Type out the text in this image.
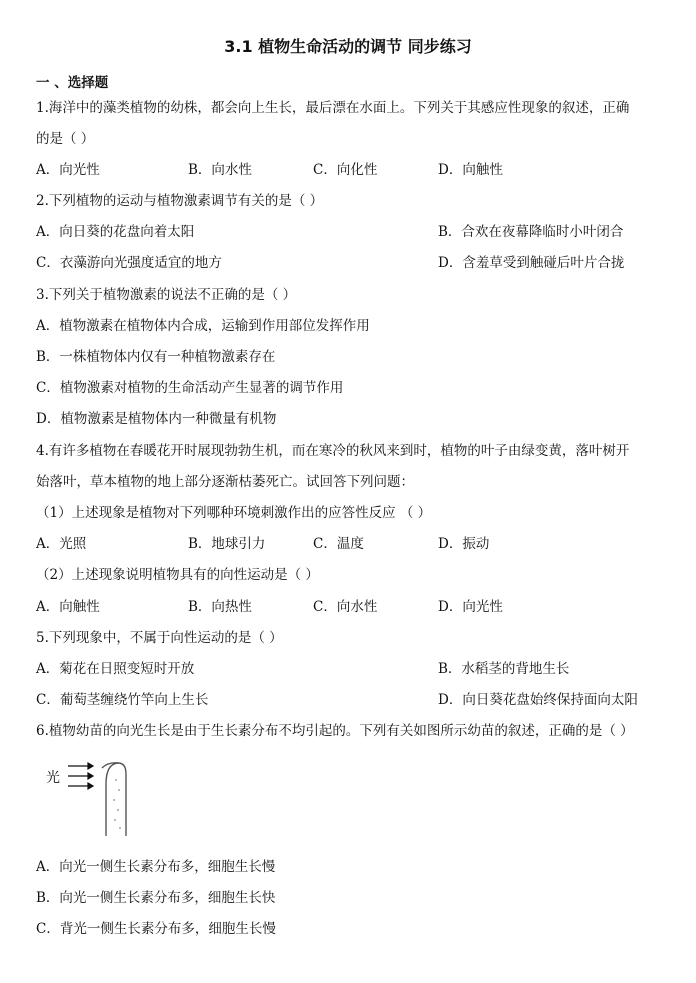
3.1 植物生命活动的调节 同步练习
一 、选择题
1.海洋中的藻类植物的幼株，都会向上生长，最后漂在水面上。下列关于其感应性现象的叙述，正确
的是（ ）
A．向光性	B．向水性	C．向化性	D．向触性
2.下列植物的运动与植物激素调节有关的是（ ）
A．向日葵的花盘向着太阳	B．合欢在夜幕降临时小叶闭合
C．衣藻游向光强度适宜的地方	D．含羞草受到触碰后叶片合拢
3.下列关于植物激素的说法不正确的是（ ）
A．植物激素在植物体内合成，运输到作用部位发挥作用
B．一株植物体内仅有一种植物激素存在
C．植物激素对植物的生命活动产生显著的调节作用
D．植物激素是植物体内一种微量有机物
4.有许多植物在春暖花开时展现勃勃生机，而在寒冷的秋风来到时，植物的叶子由绿变黄，落叶树开
始落叶，草本植物的地上部分逐渐枯萎死亡。试回答下列问题：
（1）上述现象是植物对下列哪种环境刺激作出的应答性反应 （ ）
A．光照	B．地球引力	C．温度	D．振动
（2）上述现象说明植物具有的向性运动是（ ）
A．向触性	B．向热性	C．向水性	D．向光性
5.下列现象中，不属于向性运动的是（ ）
A．菊花在日照变短时开放	B．水稻茎的背地生长
C．葡萄茎缠绕竹竿向上生长	D．向日葵花盘始终保持面向太阳
6.植物幼苗的向光生长是由于生长素分布不均引起的。下列有关如图所示幼苗的叙述，正确的是（ ）
光
A．向光一侧生长素分布多，细胞生长慢
B．向光一侧生长素分布多，细胞生长快
C．背光一侧生长素分布多，细胞生长慢
